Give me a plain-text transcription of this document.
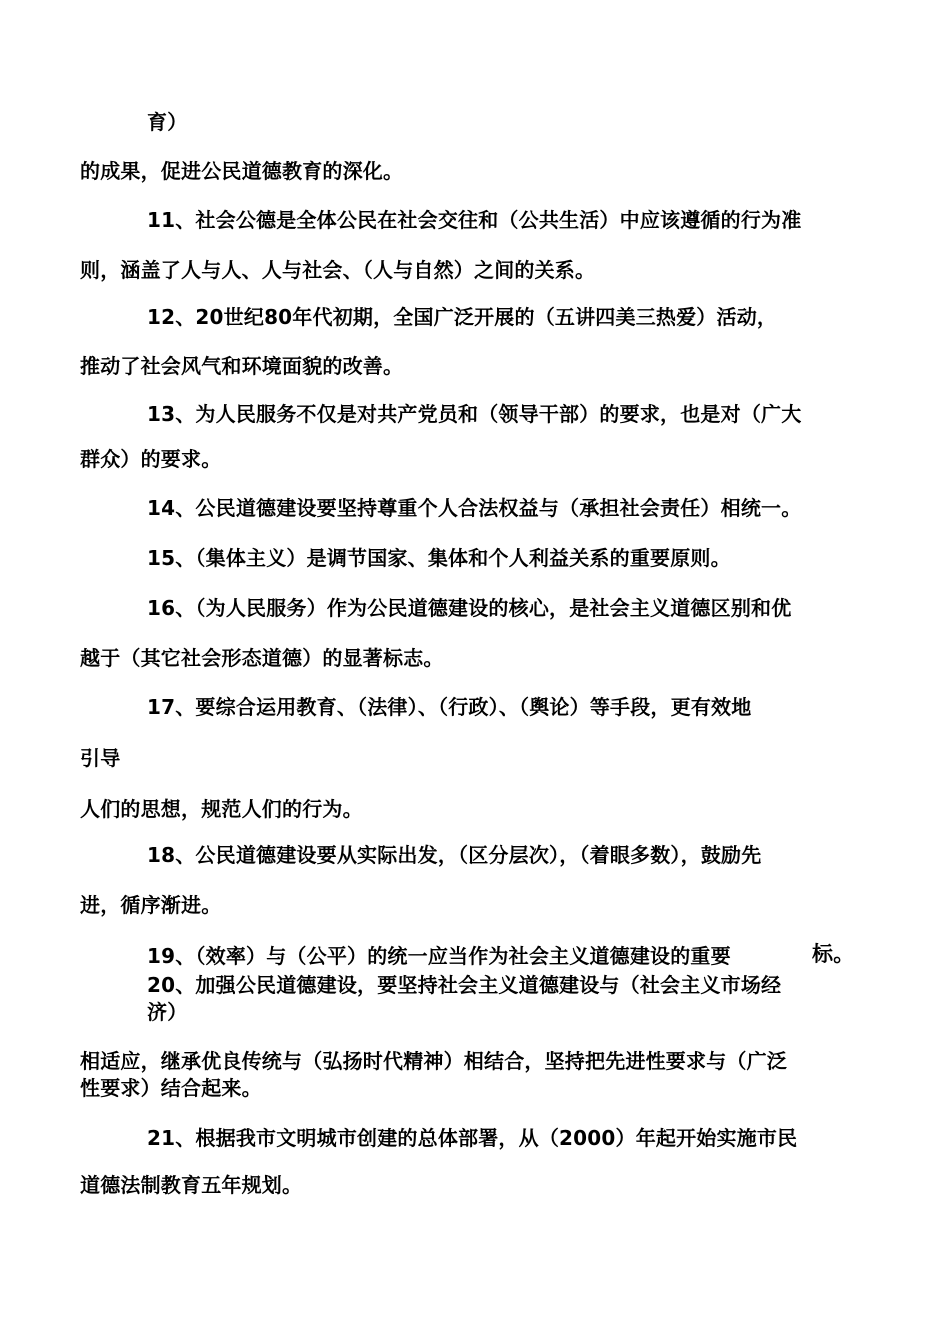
育）
的成果，促进公民道德教育的深化。
11、社会公德是全体公民在社会交往和（公共生活）中应该遵循的行为准
则，涵盖了人与人、人与社会、（人与自然）之间的关系。
12、20世纪80年代初期，全国广泛开展的（五讲四美三热爱）活动，
推动了社会风气和环境面貌的改善。
13、为人民服务不仅是对共产党员和（领导干部）的要求，也是对（广大
群众）的要求。
14、公民道德建设要坚持尊重个人合法权益与（承担社会责任）相统一。
15、（集体主义）是调节国家、集体和个人利益关系的重要原则。
16、（为人民服务）作为公民道德建设的核心，是社会主义道德区别和优
越于（其它社会形态道德）的显著标志。
17、要综合运用教育、（法律）、（行政）、（舆论）等手段，更有效地
引导
人们的思想，规范人们的行为。
18、公民道德建设要从实际出发，（区分层次），（着眼多数），鼓励先
进，循序渐进。
19、（效率）与（公平）的统一应当作为社会主义道德建设的重要	标。
20、加强公民道德建设，要坚持社会主义道德建设与（社会主义市场经
济）
相适应，继承优良传统与（弘扬时代精神）相结合，坚持把先进性要求与（广泛
性要求）结合起来。
21、根据我市文明城市创建的总体部署，从（2000）年起开始实施市民
道德法制教育五年规划。
